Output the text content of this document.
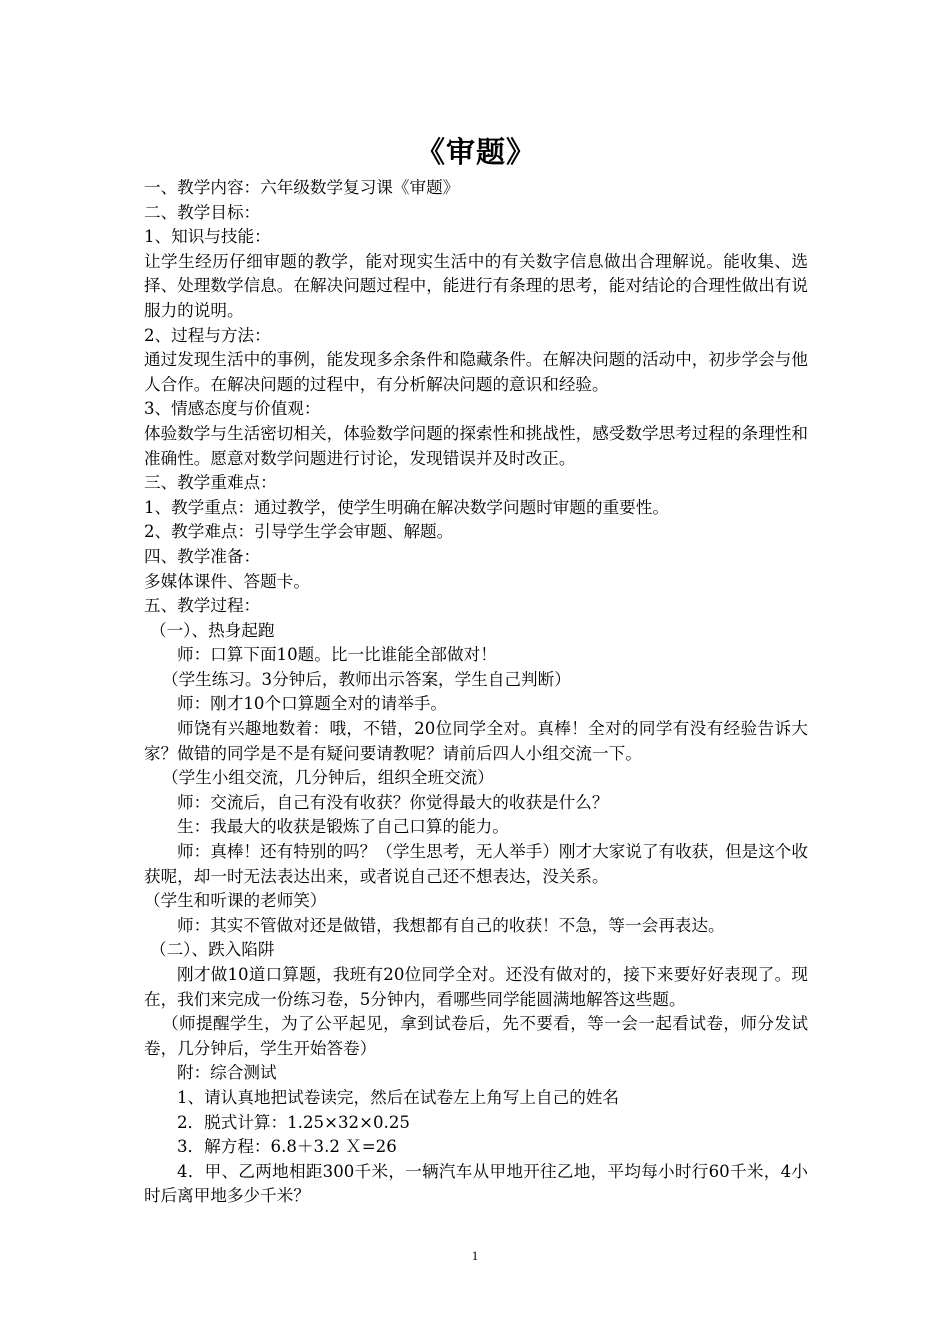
《审题》

一、教学内容：六年级数学复习课《审题》

二、教学目标：

1、知识与技能：

让学生经历仔细审题的教学，能对现实生活中的有关数字信息做出合理解说。能收集、选择、处理数学信息。在解决问题过程中，能进行有条理的思考，能对结论的合理性做出有说服力的说明。

2、过程与方法：

通过发现生活中的事例，能发现多余条件和隐藏条件。在解决问题的活动中，初步学会与他人合作。在解决问题的过程中，有分析解决问题的意识和经验。

3、情感态度与价值观：

体验数学与生活密切相关，体验数学问题的探索性和挑战性，感受数学思考过程的条理性和准确性。愿意对数学问题进行讨论，发现错误并及时改正。

三、教学重难点：

1、教学重点：通过教学，使学生明确在解决数学问题时审题的重要性。

2、教学难点：引导学生学会审题、解题。

四、教学准备：

多媒体课件、答题卡。

五、教学过程：

（一）、热身起跑

师：口算下面10题。比一比谁能全部做对！

（学生练习。3分钟后，教师出示答案，学生自己判断）

师：刚才10个口算题全对的请举手。

师饶有兴趣地数着：哦，不错，20位同学全对。真棒！全对的同学有没有经验告诉大家？做错的同学是不是有疑问要请教呢？请前后四人小组交流一下。

（学生小组交流，几分钟后，组织全班交流）

师：交流后，自己有没有收获？你觉得最大的收获是什么？

生：我最大的收获是锻炼了自己口算的能力。

师：真棒！还有特别的吗？（学生思考，无人举手）刚才大家说了有收获，但是这个收获呢，却一时无法表达出来，或者说自己还不想表达，没关系。

（学生和听课的老师笑）

师：其实不管做对还是做错，我想都有自己的收获！不急，等一会再表达。

（二）、跌入陷阱

刚才做10道口算题，我班有20位同学全对。还没有做对的，接下来要好好表现了。现在，我们来完成一份练习卷，5分钟内，看哪些同学能圆满地解答这些题。

（师提醒学生，为了公平起见，拿到试卷后，先不要看，等一会一起看试卷，师分发试卷，几分钟后，学生开始答卷）

附：综合测试

1、请认真地把试卷读完，然后在试卷左上角写上自己的姓名

2．脱式计算：1.25×32×0.25

3．解方程：6.8＋3.2 Ｘ=26

4．甲、乙两地相距300千米，一辆汽车从甲地开往乙地，平均每小时行60千米，4小时后离甲地多少千米？

1
